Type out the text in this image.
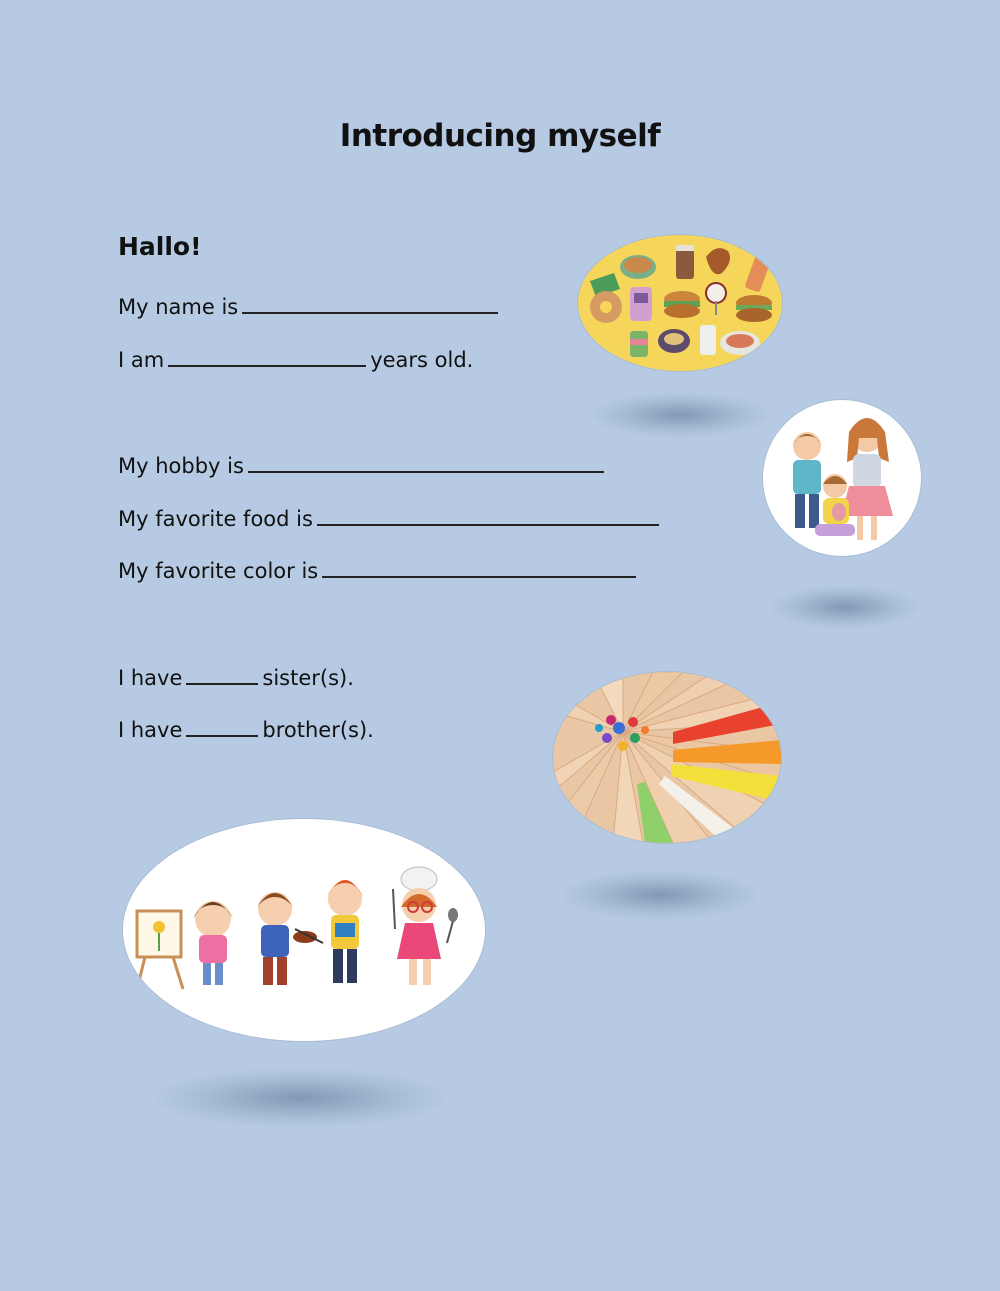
Introducing myself
Hallo!
My name is
I am	years old.
My hobby is
My favorite food is
My favorite color is
I have	sister(s).
I have	brother(s).
